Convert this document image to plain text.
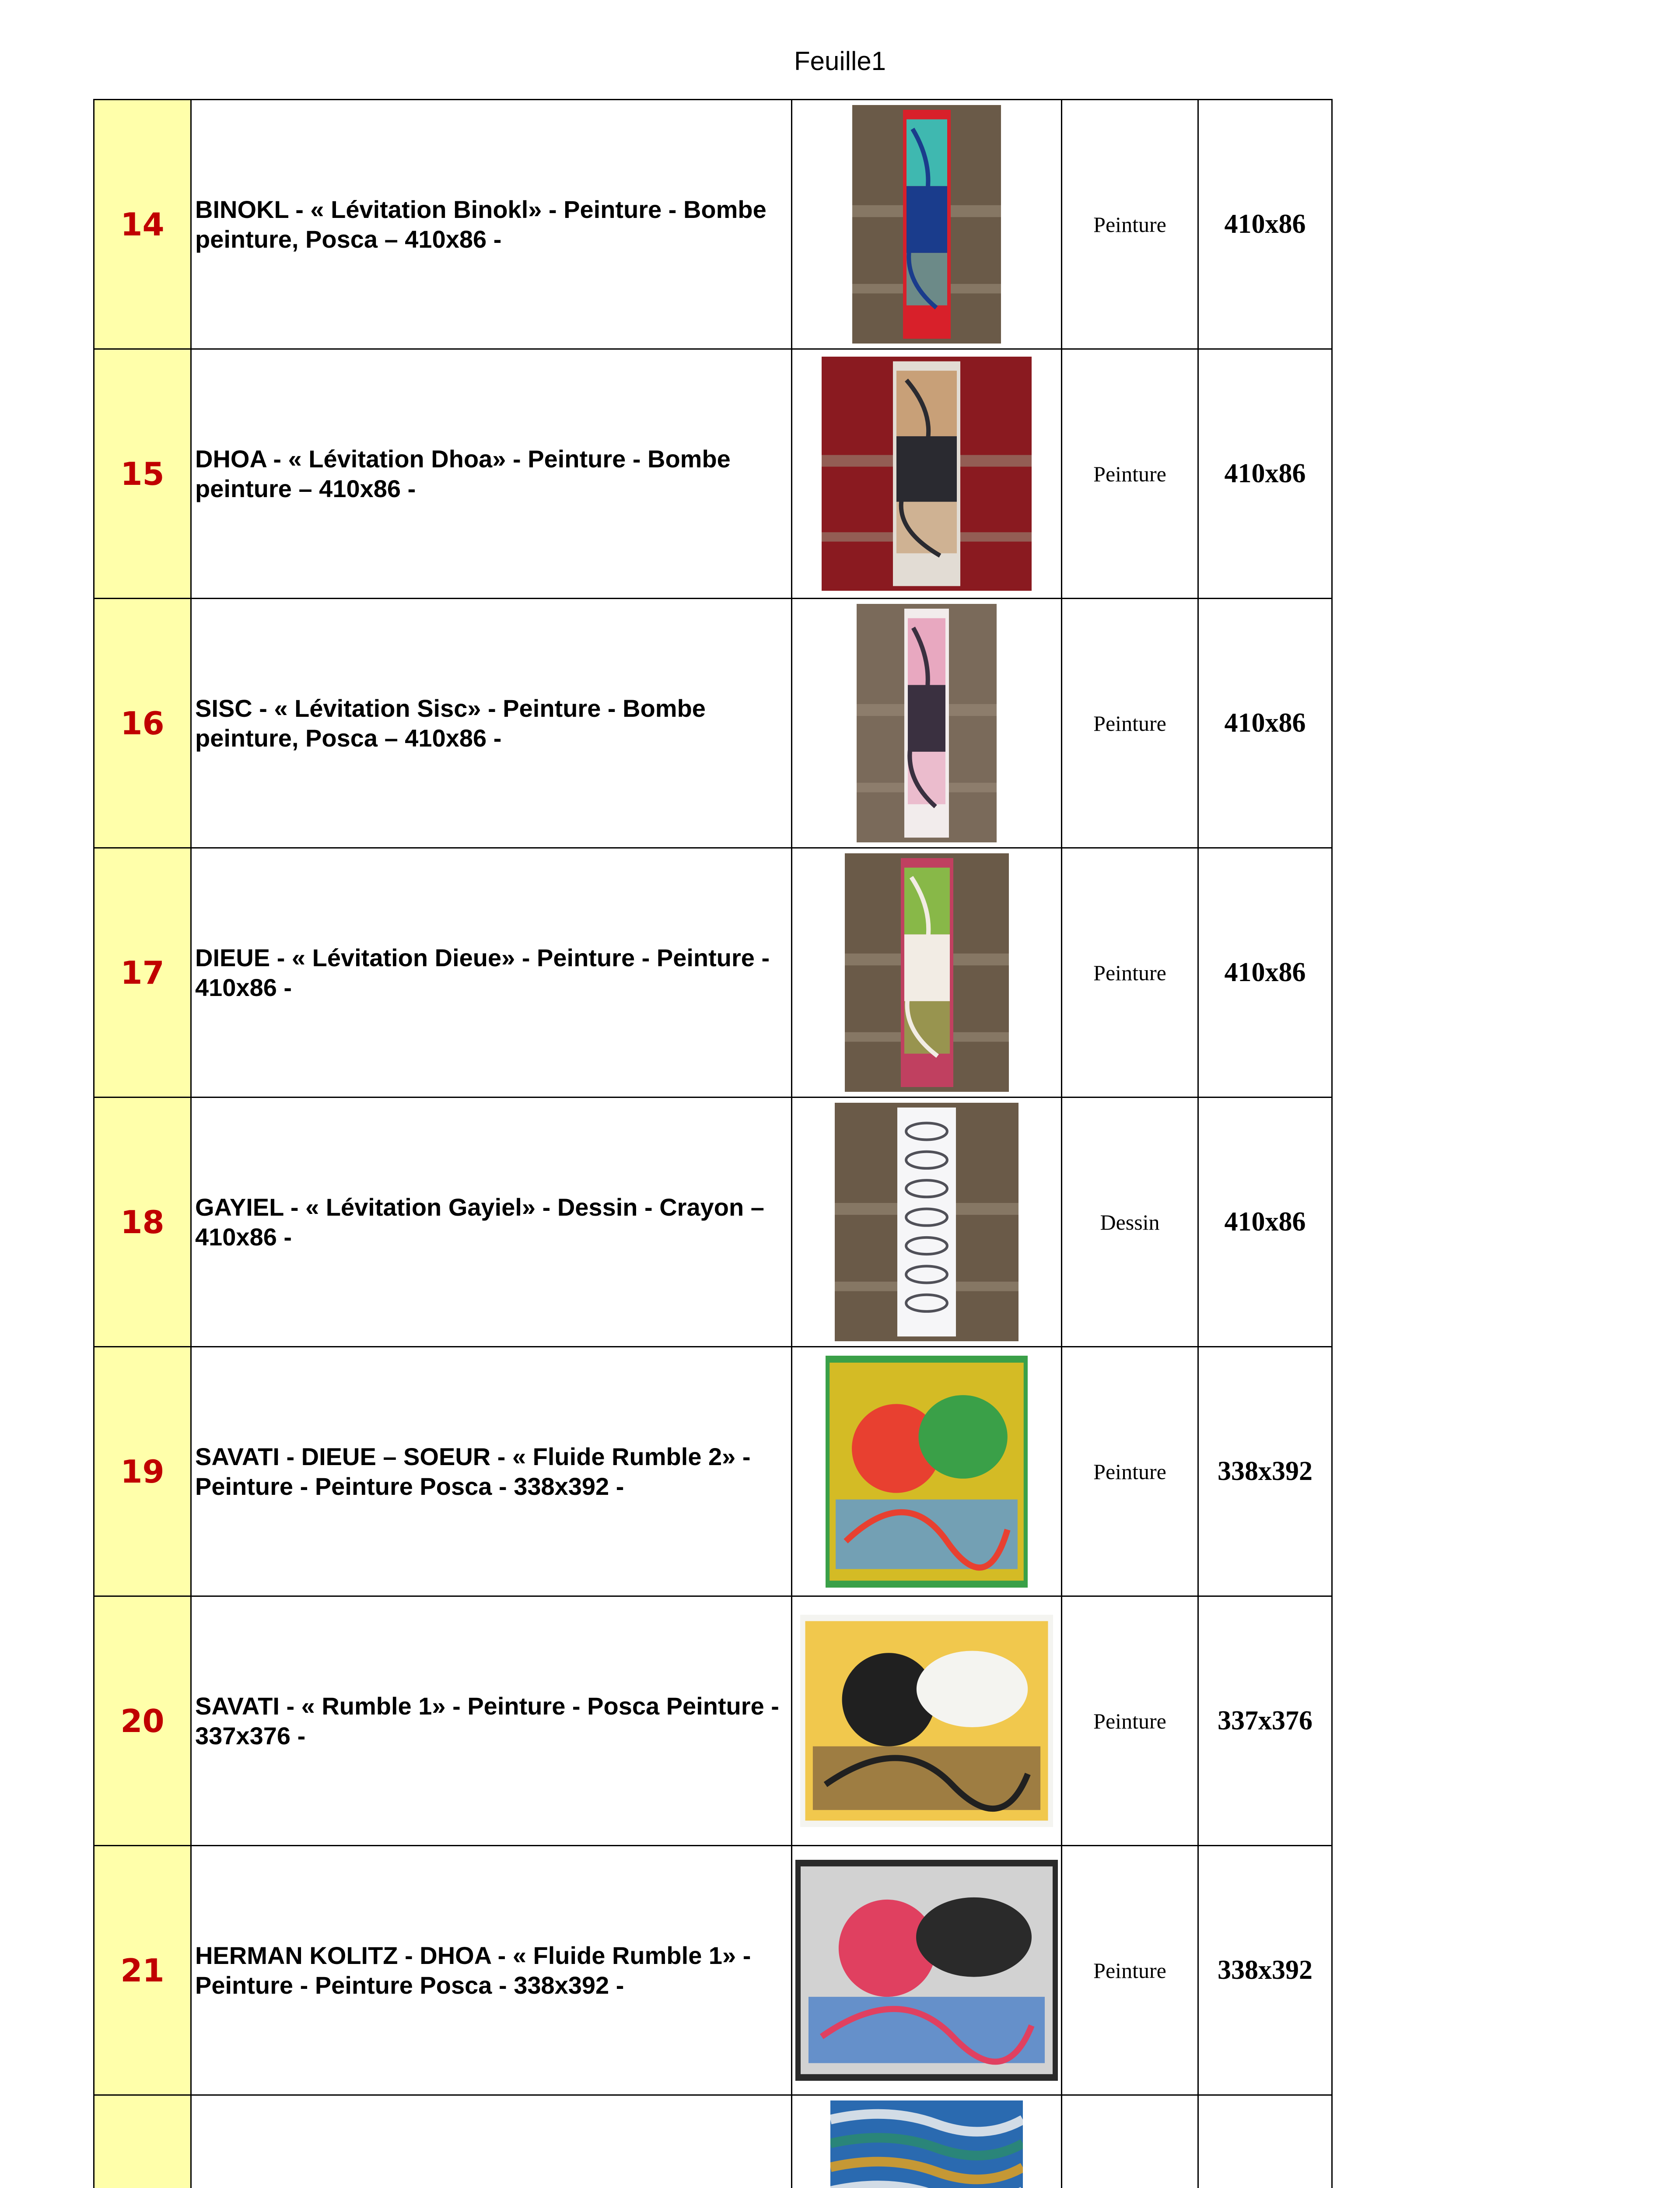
Feuille1
14	BINOKL - « Lévitation Binokl» - Peinture - Bombe peinture, Posca – 410x86 -		Peinture	410x86
15	DHOA - « Lévitation Dhoa» - Peinture - Bombe peinture – 410x86 -		Peinture	410x86
16	SISC - « Lévitation Sisc» - Peinture - Bombe peinture, Posca – 410x86 -		Peinture	410x86
17	DIEUE - « Lévitation Dieue» - Peinture - Peinture - 410x86 -		Peinture	410x86
18	GAYIEL - « Lévitation Gayiel» - Dessin - Crayon – 410x86 -		Dessin	410x86
19	SAVATI - DIEUE – SOEUR - « Fluide Rumble 2» - Peinture - Peinture Posca - 338x392 -		Peinture	338x392
20	SAVATI - « Rumble 1» - Peinture - Posca Peinture - 337x376 -		Peinture	337x376
21	HERMAN KOLITZ - DHOA - « Fluide Rumble 1» - Peinture - Peinture Posca - 338x392 -		Peinture	338x392
